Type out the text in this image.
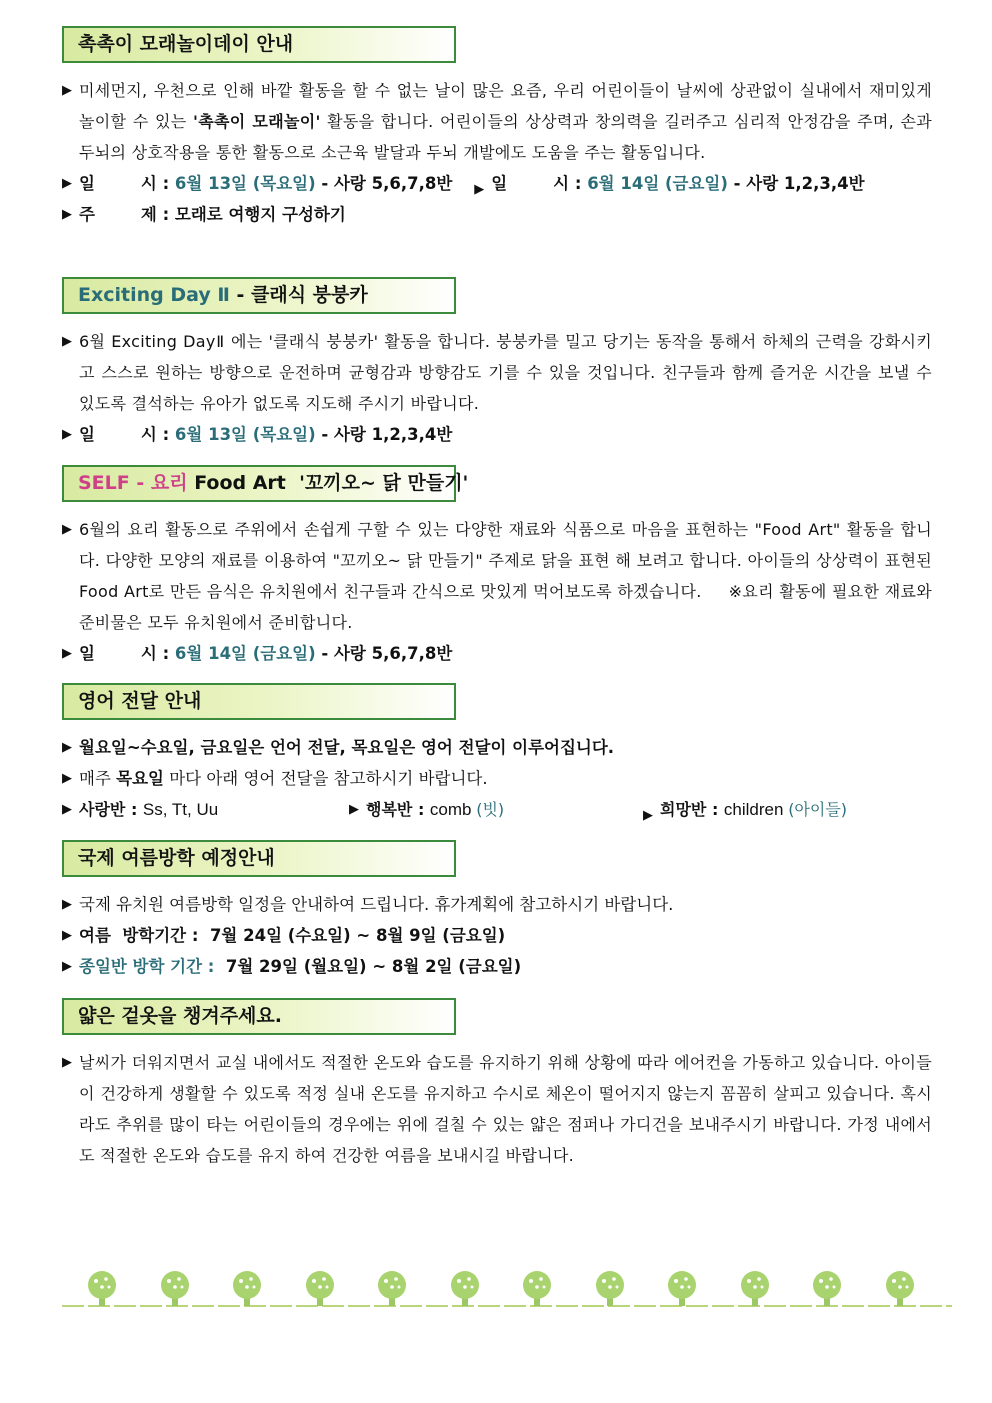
촉촉이 모래놀이데이 안내
▶ 미세먼지, 우천으로 인해 바깥 활동을 할 수 없는 날이 많은 요즘, 우리 어린이들이 날씨에 상관없이 실내에서 재미있게 놀이할 수 있는 '촉촉이 모래놀이' 활동을 합니다. 어린이들의 상상력과 창의력을 길러주고 심리적 안정감을 주며, 손과 두뇌의 상호작용을 통한 활동으로 소근육 발달과 두뇌 개발에도 도움을 주는 활동입니다.
▶ 일        시 : 6월 13일 (목요일) - 사랑 5,6,7,8반 ▶ 일        시 : 6월 14일 (금요일) - 사랑 1,2,3,4반
▶ 주        제 : 모래로 여행지 구성하기
Exciting Day Ⅱ - 클래식 붕붕카
▶ 6월 Exciting DayⅡ 에는 '클래식 붕붕카' 활동을 합니다. 붕붕카를 밀고 당기는 동작을 통해서 하체의 근력을 강화시키고 스스로 원하는 방향으로 운전하며 균형감과 방향감도 기를 수 있을 것입니다. 친구들과 함께 즐거운 시간을 보낼 수 있도록 결석하는 유아가 없도록 지도해 주시기 바랍니다.
▶ 일        시 : 6월 13일 (목요일) - 사랑 1,2,3,4반
SELF - 요리 Food Art  '꼬끼오~ 닭 만들기'
▶ 6월의 요리 활동으로 주위에서 손쉽게 구할 수 있는 다양한 재료와 식품으로 마음을 표현하는 "Food Art" 활동을 합니다. 다양한 모양의 재료를 이용하여 "꼬끼오~ 닭 만들기" 주제로 닭을 표현 해 보려고 합니다. 아이들의 상상력이 표현된 Food Art로 만든 음식은 유치원에서 친구들과 간식으로 맛있게 먹어보도록 하겠습니다.     ※요리 활동에 필요한 재료와 준비물은 모두 유치원에서 준비합니다.
▶ 일        시 : 6월 14일 (금요일) - 사랑 5,6,7,8반
영어 전달 안내
▶ 월요일~수요일, 금요일은 언어 전달, 목요일은 영어 전달이 이루어집니다.
▶ 매주 목요일 마다 아래 영어 전달을 참고하시기 바랍니다.
▶ 사랑반 : Ss, Tt, Uu	▶ 행복반 : comb (빗)	▶ 희망반 : children (아이들)
국제 여름방학 예정안내
▶ 국제 유치원 여름방학 일정을 안내하여 드립니다. 휴가계획에 참고하시기 바랍니다.
▶ 여름  방학기간 :  7월 24일 (수요일) ~ 8월 9일 (금요일)
▶ 종일반 방학 기간 :  7월 29일 (월요일) ~ 8월 2일 (금요일)
얇은 겉옷을 챙겨주세요.
▶ 날씨가 더워지면서 교실 내에서도 적절한 온도와 습도를 유지하기 위해 상황에 따라 에어컨을 가동하고 있습니다. 아이들이 건강하게 생활할 수 있도록 적정 실내 온도를 유지하고 수시로 체온이 떨어지지 않는지 꼼꼼히 살피고 있습니다. 혹시라도 추위를 많이 타는 어린이들의 경우에는 위에 걸칠 수 있는 얇은 점퍼나 가디건을 보내주시기 바랍니다. 가정 내에서도 적절한 온도와 습도를 유지 하여 건강한 여름을 보내시길 바랍니다.
